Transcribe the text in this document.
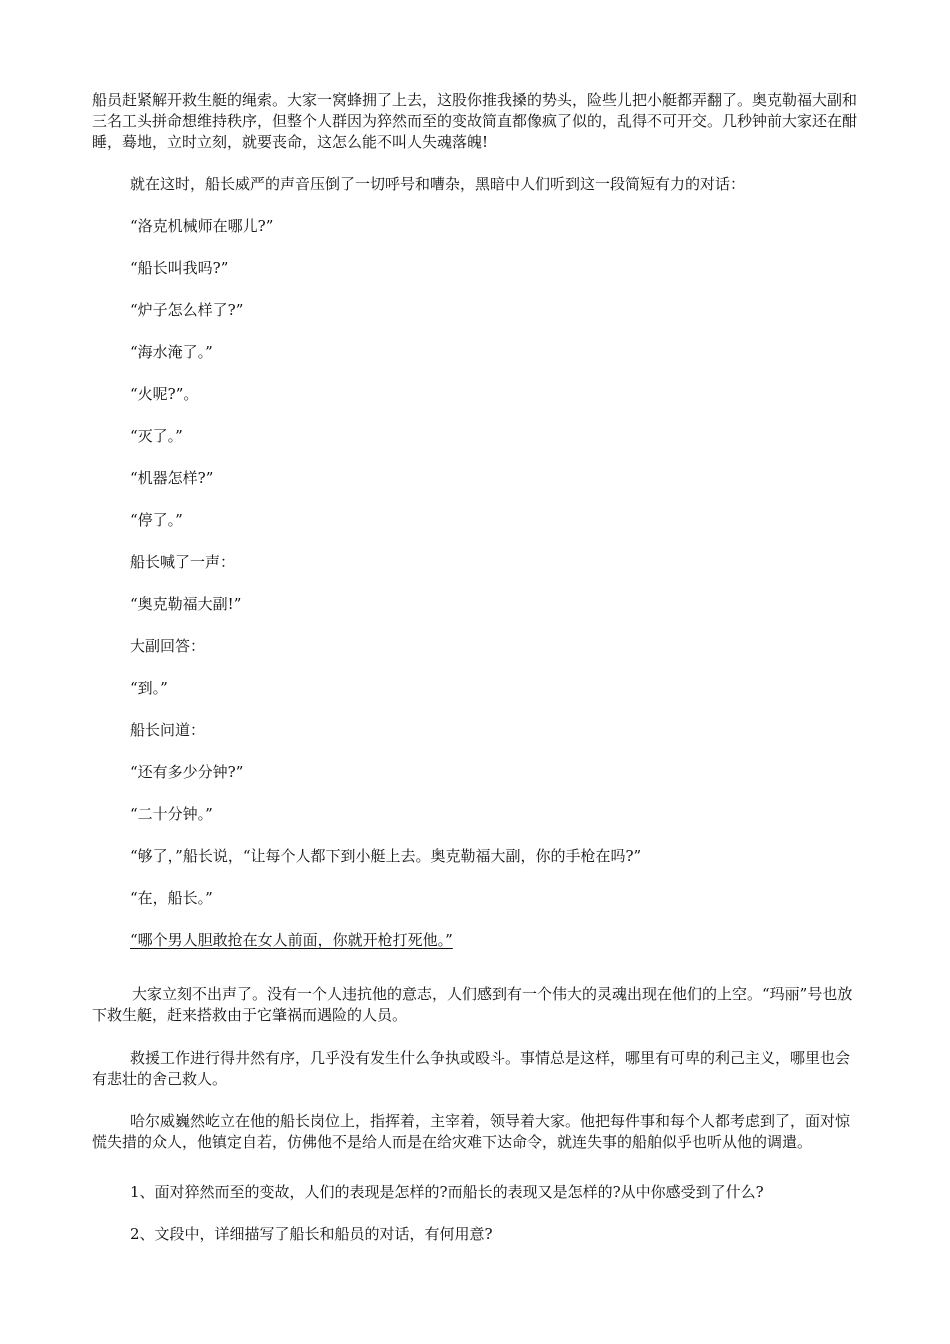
船员赶紧解开救生艇的绳索。大家一窝蜂拥了上去，这股你推我搡的势头，险些儿把小艇都弄翻了。奥克勒福大副和三名工头拼命想维持秩序，但整个人群因为猝然而至的变故简直都像疯了似的，乱得不可开交。几秒钟前大家还在酣睡，蓦地，立时立刻，就要丧命，这怎么能不叫人失魂落魄!

就在这时，船长威严的声音压倒了一切呼号和嘈杂，黑暗中人们听到这一段简短有力的对话：

“洛克机械师在哪儿?”

“船长叫我吗?”

“炉子怎么样了?”

“海水淹了。”

“火呢?”。

“灭了。”

“机器怎样?”

“停了。”

船长喊了一声：

“奥克勒福大副!”

大副回答：

“到。”

船长问道：

“还有多少分钟?”

“二十分钟。”

“够了，”船长说，“让每个人都下到小艇上去。奥克勒福大副，你的手枪在吗?”

“在，船长。”

“哪个男人胆敢抢在女人前面，你就开枪打死他。”

大家立刻不出声了。没有一个人违抗他的意志，人们感到有一个伟大的灵魂出现在他们的上空。“玛丽”号也放下救生艇，赶来搭救由于它肇祸而遇险的人员。

救援工作进行得井然有序，几乎没有发生什么争执或殴斗。事情总是这样，哪里有可卑的利己主义，哪里也会有悲壮的舍己救人。

哈尔威巍然屹立在他的船长岗位上，指挥着，主宰着，领导着大家。他把每件事和每个人都考虑到了，面对惊慌失措的众人，他镇定自若，仿佛他不是给人而是在给灾难下达命令，就连失事的船舶似乎也听从他的调遣。

1、面对猝然而至的变故，人们的表现是怎样的?而船长的表现又是怎样的?从中你感受到了什么?

2、文段中，详细描写了船长和船员的对话，有何用意?
